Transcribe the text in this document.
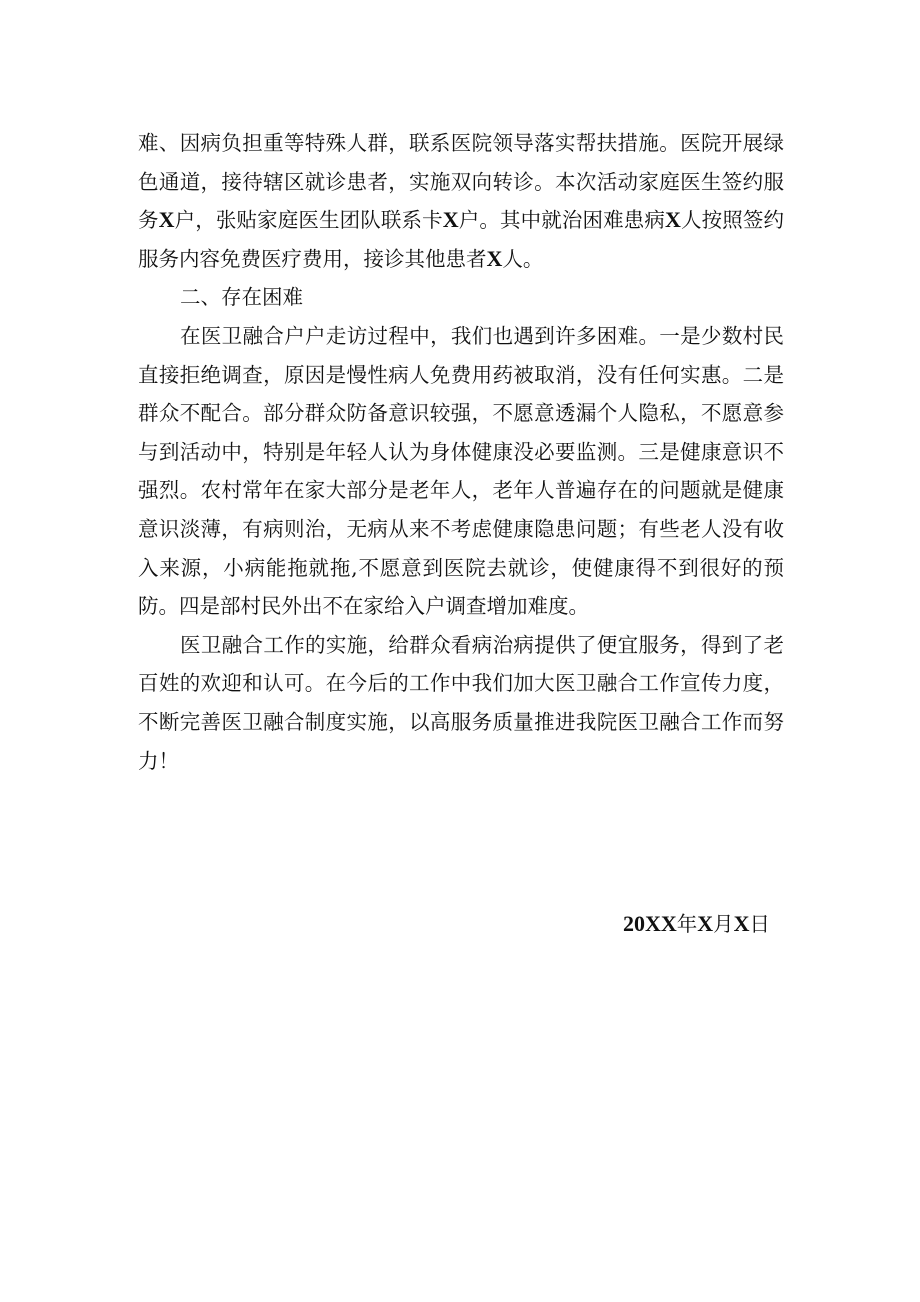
难、因病负担重等特殊人群，联系医院领导落实帮扶措施。医院开展绿色通道，接待辖区就诊患者，实施双向转诊。本次活动家庭医生签约服务X户，张贴家庭医生团队联系卡X户。其中就治困难患病X人按照签约服务内容免费医疗费用，接诊其他患者X人。

二、存在困难

在医卫融合户户走访过程中，我们也遇到许多困难。一是少数村民直接拒绝调查，原因是慢性病人免费用药被取消，没有任何实惠。二是群众不配合。部分群众防备意识较强，不愿意透漏个人隐私，不愿意参与到活动中，特别是年轻人认为身体健康没必要监测。三是健康意识不强烈。农村常年在家大部分是老年人，老年人普遍存在的问题就是健康意识淡薄，有病则治，无病从来不考虑健康隐患问题；有些老人没有收入来源，小病能拖就拖,不愿意到医院去就诊，使健康得不到很好的预防。四是部村民外出不在家给入户调查增加难度。

医卫融合工作的实施，给群众看病治病提供了便宜服务，得到了老百姓的欢迎和认可。在今后的工作中我们加大医卫融合工作宣传力度，不断完善医卫融合制度实施，以高服务质量推进我院医卫融合工作而努力！

20XX年X月X日
